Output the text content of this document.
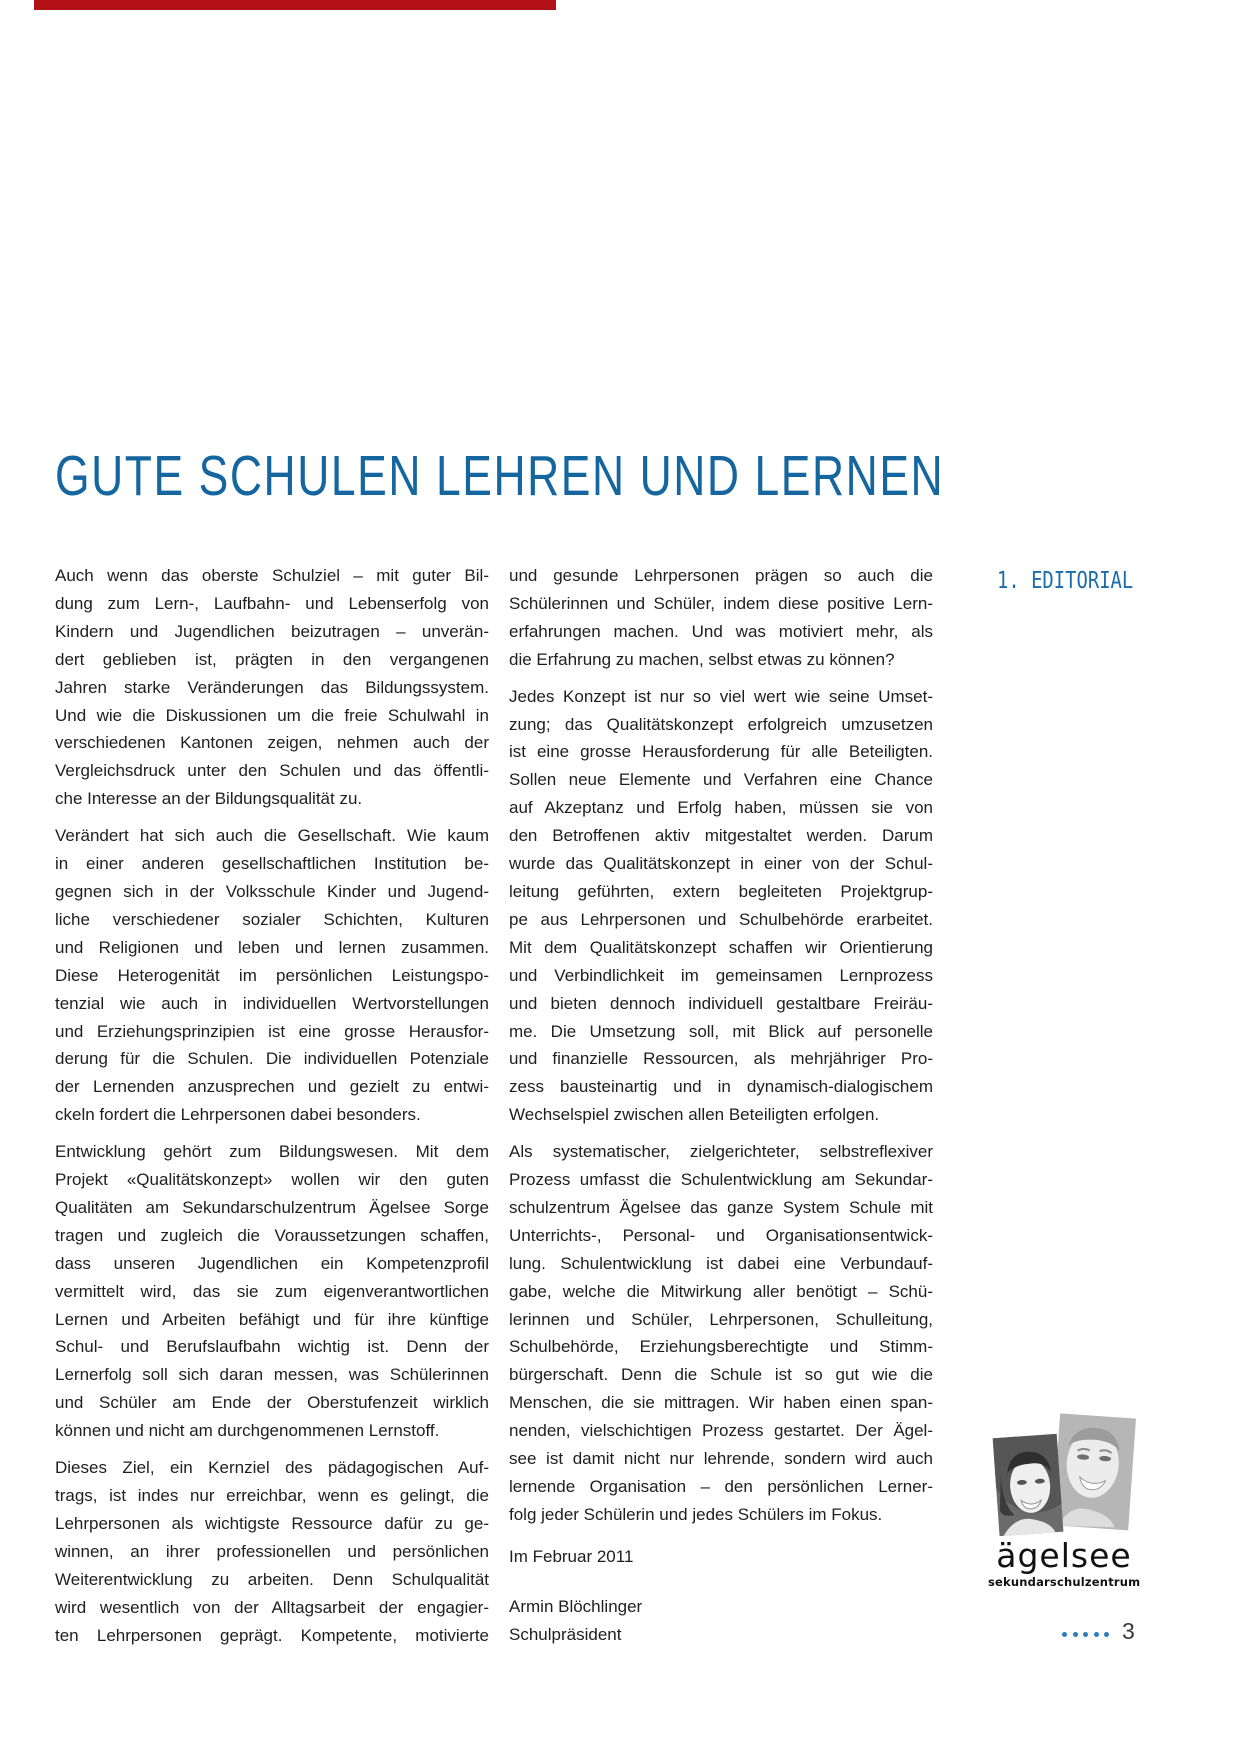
GUTE SCHULEN LEHREN UND LERNEN
1. EDITORIAL
Auch wenn das oberste Schulziel – mit guter Bil-
dung zum Lern-, Laufbahn- und Lebenserfolg von
Kindern und Jugendlichen beizutragen – unverän-
dert geblieben ist, prägten in den vergangenen
Jahren starke Veränderungen das Bildungssystem.
Und wie die Diskussionen um die freie Schulwahl in
verschiedenen Kantonen zeigen, nehmen auch der
Vergleichsdruck unter den Schulen und das öffentli-
che Interesse an der Bildungsqualität zu.
Verändert hat sich auch die Gesellschaft. Wie kaum
in einer anderen gesellschaftlichen Institution be-
gegnen sich in der Volksschule Kinder und Jugend-
liche verschiedener sozialer Schichten, Kulturen
und Religionen und leben und lernen zusammen.
Diese Heterogenität im persönlichen Leistungspo-
tenzial wie auch in individuellen Wertvorstellungen
und Erziehungsprinzipien ist eine grosse Herausfor-
derung für die Schulen. Die individuellen Potenziale
der Lernenden anzusprechen und gezielt zu entwi-
ckeln fordert die Lehrpersonen dabei besonders.
Entwicklung gehört zum Bildungswesen. Mit dem
Projekt «Qualitätskonzept» wollen wir den guten
Qualitäten am Sekundarschulzentrum Ägelsee Sorge
tragen und zugleich die Voraussetzungen schaffen,
dass unseren Jugendlichen ein Kompetenzprofil
vermittelt wird, das sie zum eigenverantwortlichen
Lernen und Arbeiten befähigt und für ihre künftige
Schul- und Berufslaufbahn wichtig ist. Denn der
Lernerfolg soll sich daran messen, was Schülerinnen
und Schüler am Ende der Oberstufenzeit wirklich
können und nicht am durchgenommenen Lernstoff.
Dieses Ziel, ein Kernziel des pädagogischen Auf-
trags, ist indes nur erreichbar, wenn es gelingt, die
Lehrpersonen als wichtigste Ressource dafür zu ge-
winnen, an ihrer professionellen und persönlichen
Weiterentwicklung zu arbeiten. Denn Schulqualität
wird wesentlich von der Alltagsarbeit der engagier-
ten Lehrpersonen geprägt. Kompetente, motivierte
und gesunde Lehrpersonen prägen so auch die
Schülerinnen und Schüler, indem diese positive Lern-
erfahrungen machen. Und was motiviert mehr, als
die Erfahrung zu machen, selbst etwas zu können?
Jedes Konzept ist nur so viel wert wie seine Umset-
zung; das Qualitätskonzept erfolgreich umzusetzen
ist eine grosse Herausforderung für alle Beteiligten.
Sollen neue Elemente und Verfahren eine Chance
auf Akzeptanz und Erfolg haben, müssen sie von
den Betroffenen aktiv mitgestaltet werden. Darum
wurde das Qualitätskonzept in einer von der Schul-
leitung geführten, extern begleiteten Projektgrup-
pe aus Lehrpersonen und Schulbehörde erarbeitet.
Mit dem Qualitätskonzept schaffen wir Orientierung
und Verbindlichkeit im gemeinsamen Lernprozess
und bieten dennoch individuell gestaltbare Freiräu-
me. Die Umsetzung soll, mit Blick auf personelle
und finanzielle Ressourcen, als mehrjähriger Pro-
zess bausteinartig und in dynamisch-dialogischem
Wechselspiel zwischen allen Beteiligten erfolgen.
Als systematischer, zielgerichteter, selbstreflexiver
Prozess umfasst die Schulentwicklung am Sekundar-
schulzentrum Ägelsee das ganze System Schule mit
Unterrichts-, Personal- und Organisationsentwick-
lung. Schulentwicklung ist dabei eine Verbundauf-
gabe, welche die Mitwirkung aller benötigt – Schü-
lerinnen und Schüler, Lehrpersonen, Schulleitung,
Schulbehörde, Erziehungsberechtigte und Stimm-
bürgerschaft. Denn die Schule ist so gut wie die
Menschen, die sie mittragen. Wir haben einen span-
nenden, vielschichtigen Prozess gestartet. Der Ägel-
see ist damit nicht nur lehrende, sondern wird auch
lernende Organisation – den persönlichen Lerner-
folg jeder Schülerin und jedes Schülers im Fokus.
Im Februar 2011
Armin Blöchlinger
Schulpräsident
ägelsee
sekundarschulzentrum
3
